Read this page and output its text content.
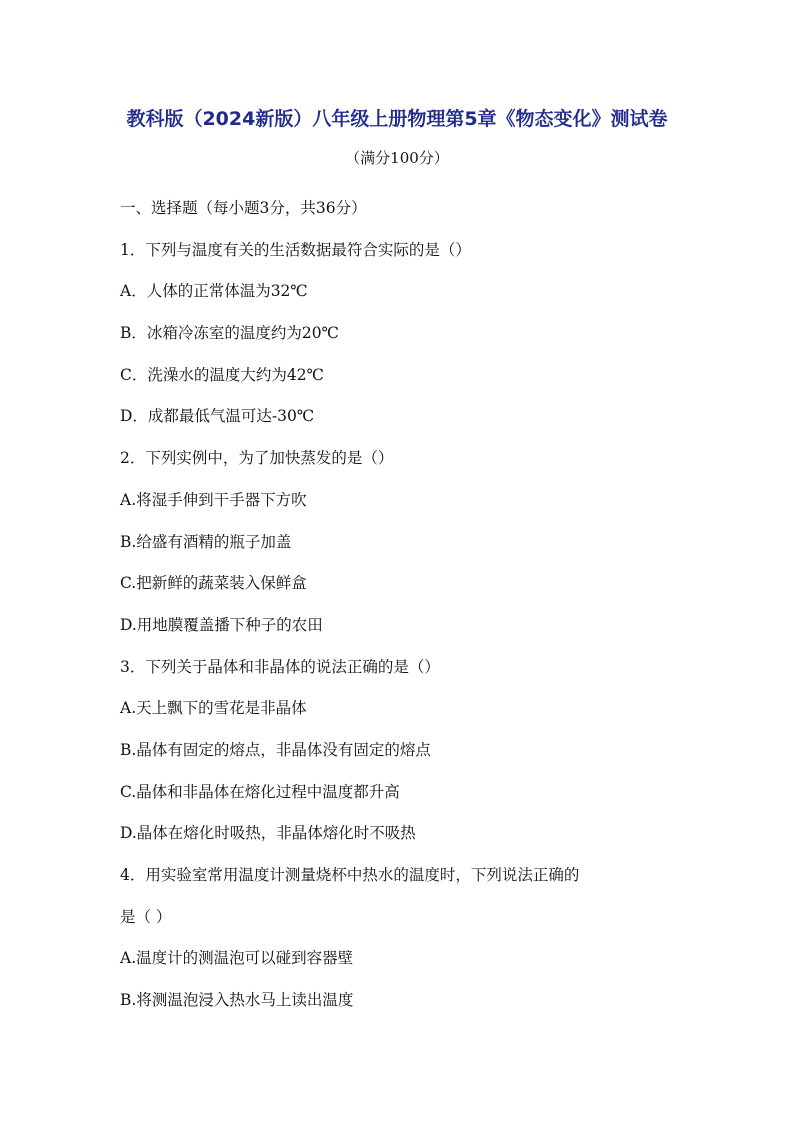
教科版（2024新版）八年级上册物理第5章《物态变化》测试卷
（满分100分）
一、选择题（每小题3分，共36分）
1．下列与温度有关的生活数据最符合实际的是（）
A．人体的正常体温为32℃
B．冰箱冷冻室的温度约为20℃
C．洗澡水的温度大约为42℃
D．成都最低气温可达-30℃
2．下列实例中，为了加快蒸发的是（）
A.将湿手伸到干手器下方吹
B.给盛有酒精的瓶子加盖
C.把新鲜的蔬菜装入保鲜盒
D.用地膜覆盖播下种子的农田
3．下列关于晶体和非晶体的说法正确的是（）
A.天上飘下的雪花是非晶体
B.晶体有固定的熔点，非晶体没有固定的熔点
C.晶体和非晶体在熔化过程中温度都升高
D.晶体在熔化时吸热，非晶体熔化时不吸热
4．用实验室常用温度计测量烧杯中热水的温度时，下列说法正确的
是（ ）
A.温度计的测温泡可以碰到容器壁
B.将测温泡浸入热水马上读出温度
